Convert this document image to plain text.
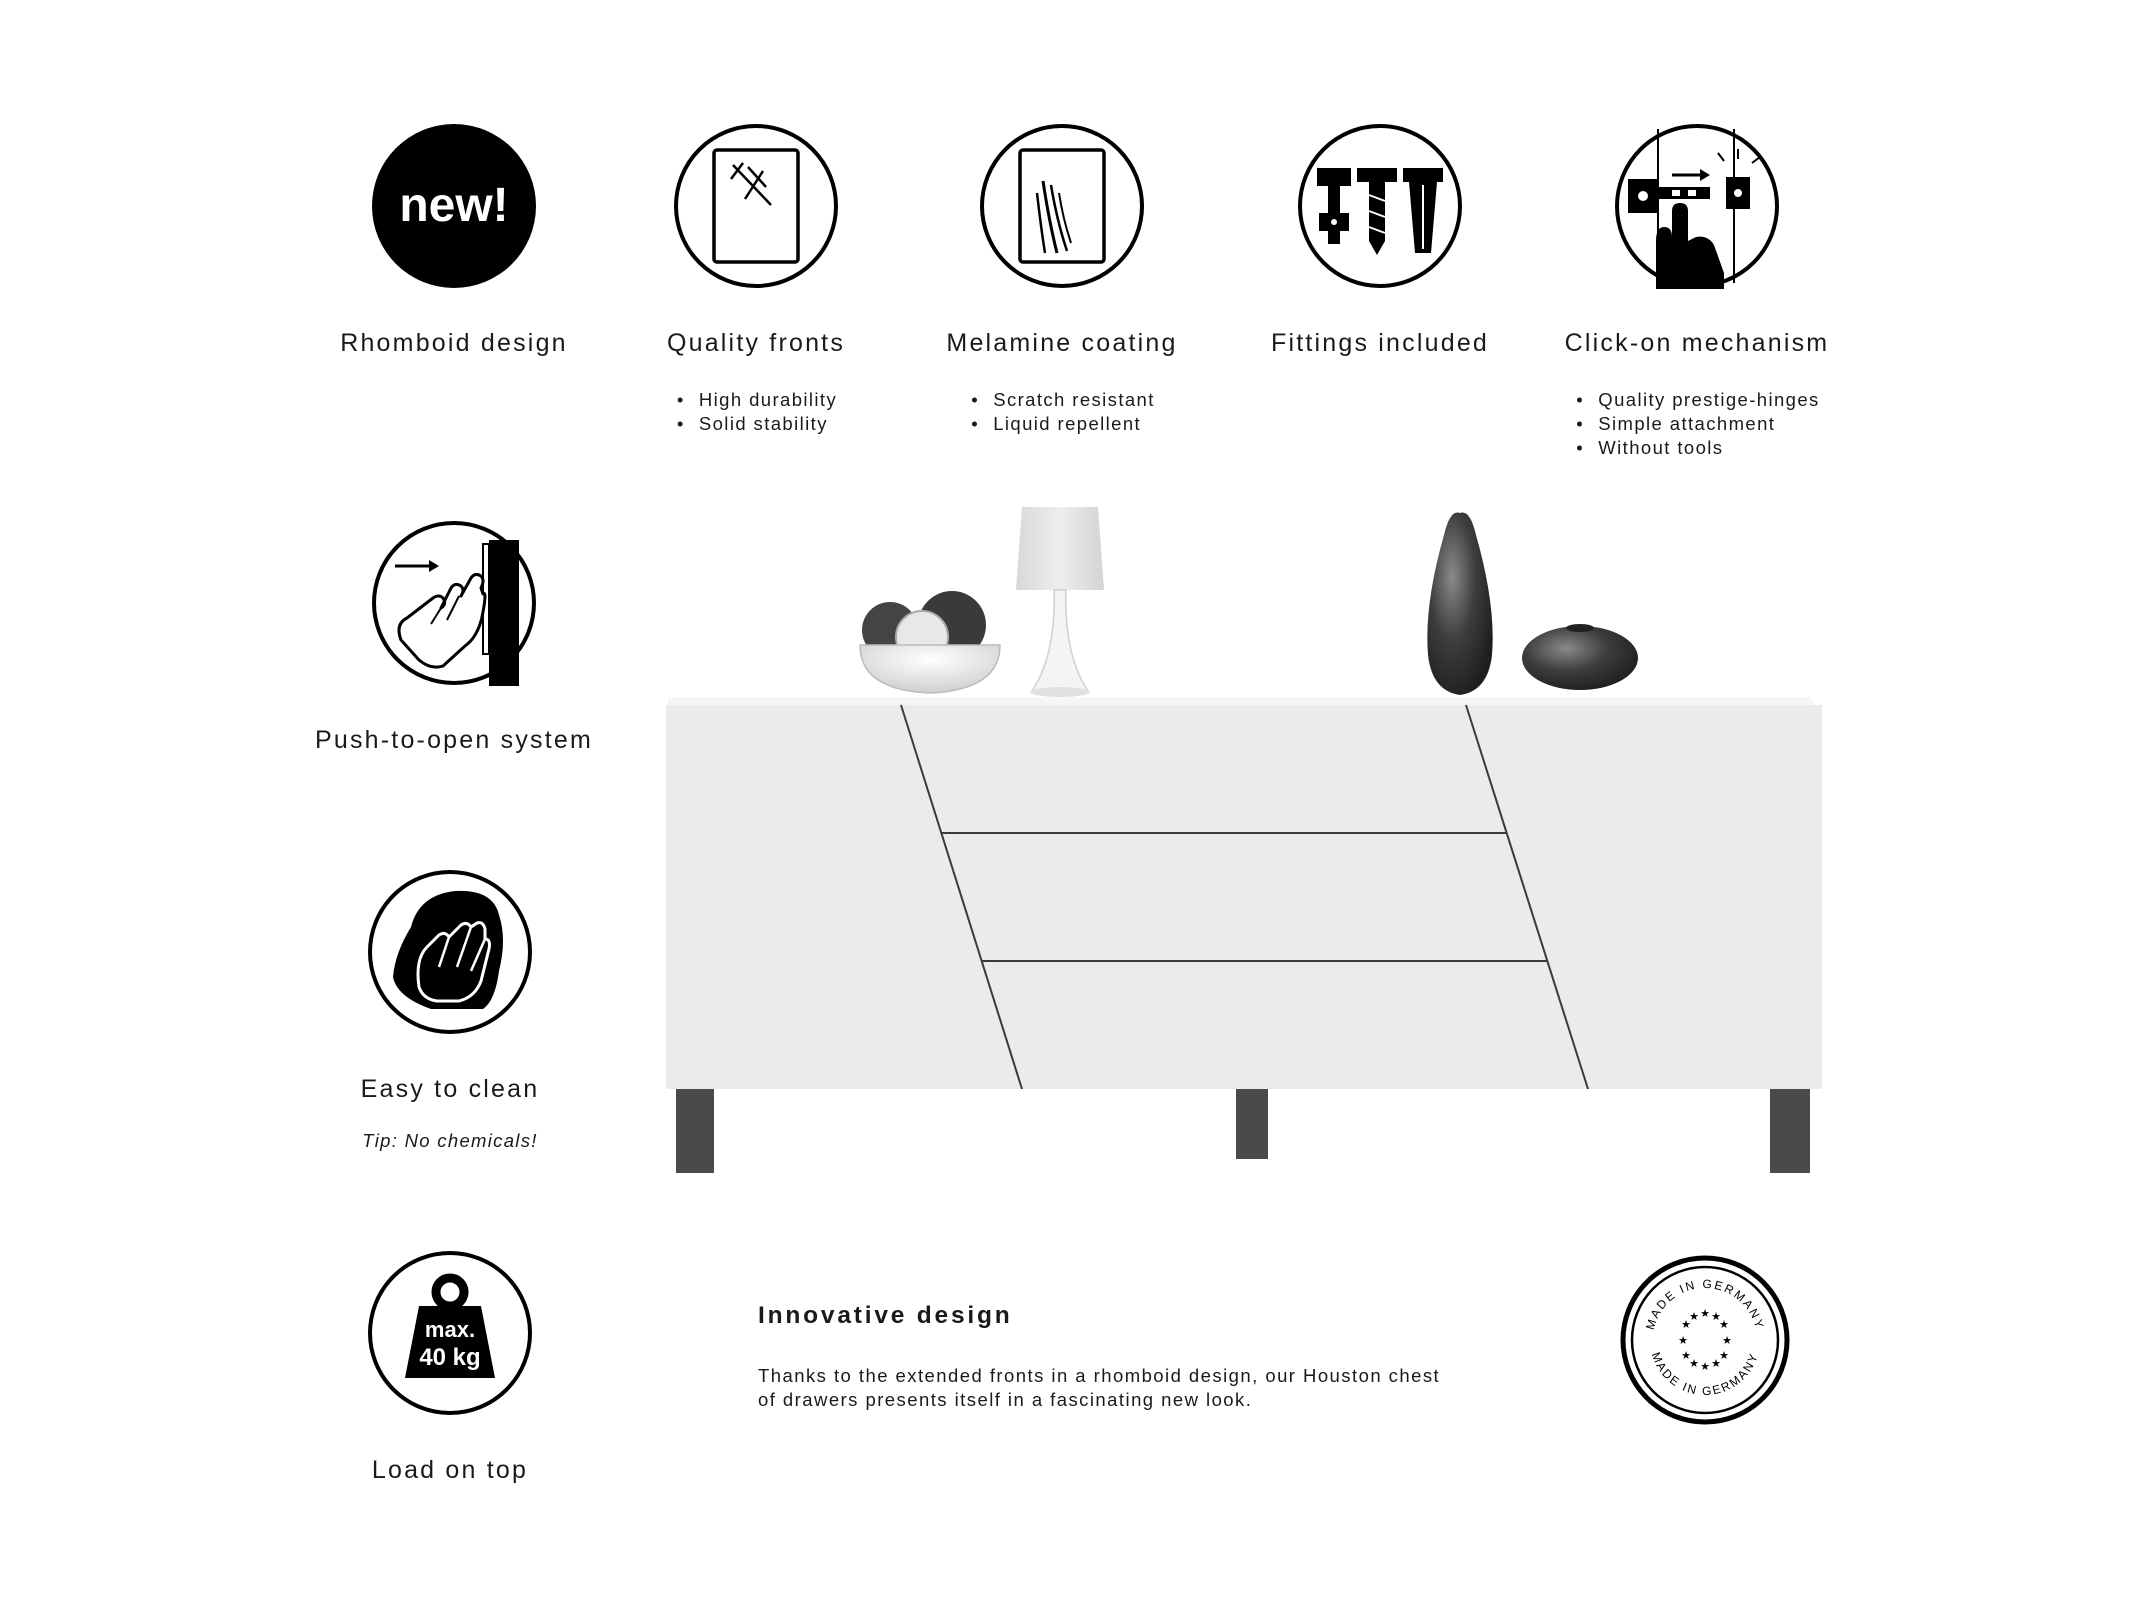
new!
Rhomboid design	Quality fronts
• High durability
• Solid stability
Melamine coating
• Scratch resistant
• Liquid repellent
Fittings included	Click-on mechanism
• Quality prestige-hinges
• Simple attachment
• Without tools
Push-to-open system
Easy to clean
Tip: No chemicals!
max.
40 kg
Load on top
Innovative design

Thanks to the extended fronts in a rhomboid design, our Houston chest
of drawers presents itself in a fascinating new look.

MADE IN GERMANY
MADE IN GERMANY
★ ★
★
★
★
★
★
★
★
★
★
★
